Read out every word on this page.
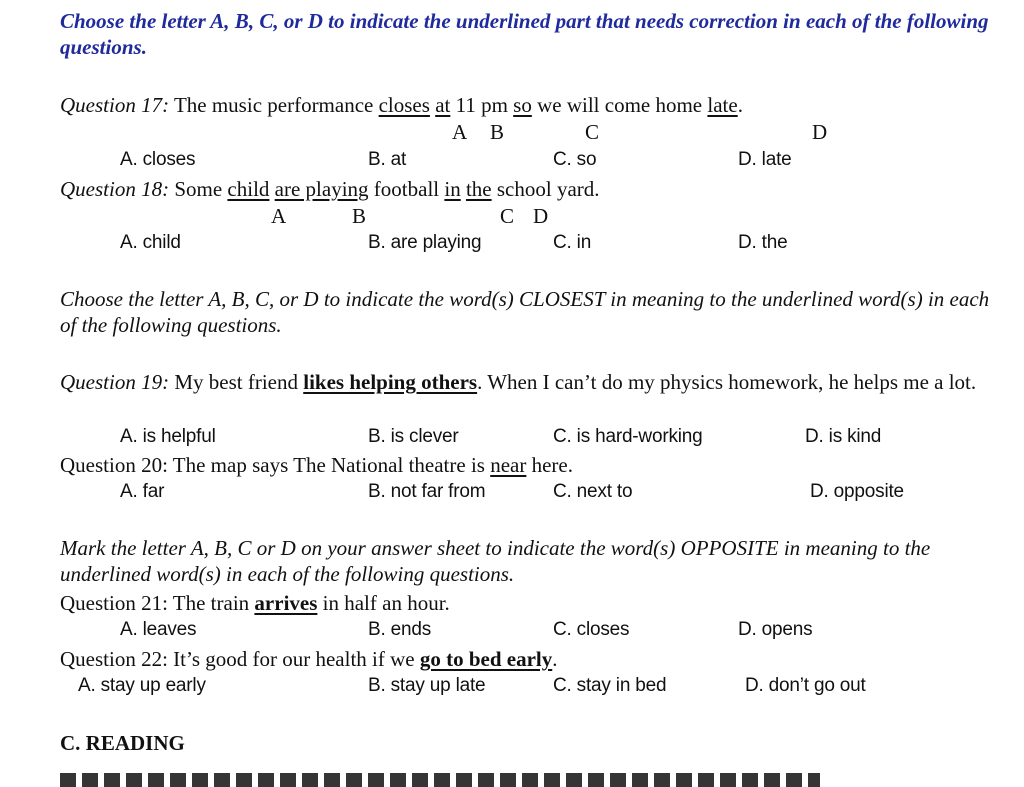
Choose the letter A, B, C, or D to indicate the underlined part that needs correction in each of the following questions.
Question 17: The music performance closes at 11 pm so we will come home late.
A B	C	D
A. closes	B. at	C. so	D. late
Question 18: Some child are playing football in the school yard.
A	B	C D
A. child	B. are playing	C. in	D. the
Choose the letter A, B, C, or D to indicate the word(s) CLOSEST in meaning to the underlined word(s) in each of the following questions.
Question 19: My best friend likes helping others. When I can’t do my physics homework, he helps me a lot.
A. is helpful	B. is clever	C. is hard-working	D. is kind
Question 20: The map says The National theatre is near here.
A. far	B. not far from	C. next to	D. opposite
Mark the letter A, B, C or D on your answer sheet to indicate the word(s) OPPOSITE in meaning to the underlined word(s) in each of the following questions.
Question 21: The train arrives in half an hour.
A. leaves	B. ends	C. closes	D. opens
Question 22: It’s good for our health if we go to bed early.
A. stay up early	B. stay up late	C. stay in bed	D. don’t go out
C. READING
